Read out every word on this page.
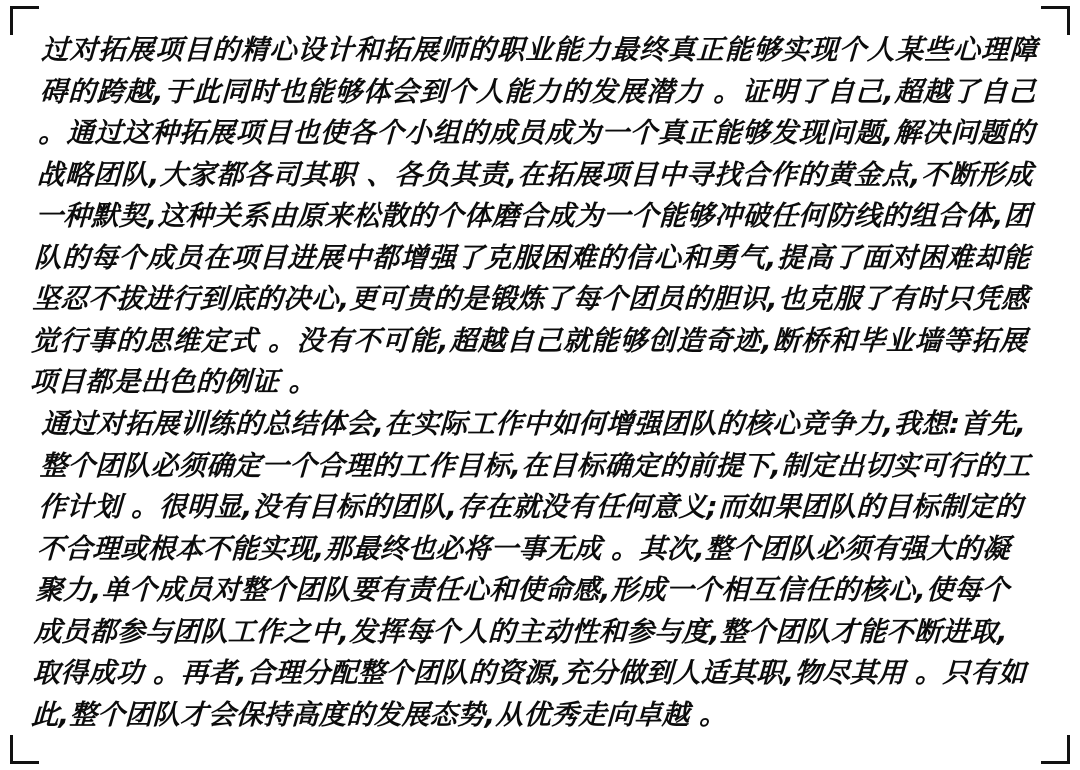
过对拓展项目的精心设计和拓展师的职业能力最终真正能够实现个人某些心理障碍的跨越,于此同时也能够体会到个人能力的发展潜力 。证明了自己,超越了自己 。通过这种拓展项目也使各个小组的成员成为一个真正能够发现问题,解决问题的战略团队,大家都各司其职 、各负其责,在拓展项目中寻找合作的黄金点,不断形成一种默契,这种关系由原来松散的个体磨合成为一个能够冲破任何防线的组合体,团队的每个成员在项目进展中都增强了克服困难的信心和勇气,提高了面对困难却能坚忍不拔进行到底的决心,更可贵的是锻炼了每个团员的胆识,也克服了有时只凭感觉行事的思维定式 。没有不可能,超越自己就能够创造奇迹,断桥和毕业墙等拓展项目都是出色的例证 。

通过对拓展训练的总结体会,在实际工作中如何增强团队的核心竞争力,我想:首先,整个团队必须确定一个合理的工作目标,在目标确定的前提下,制定出切实可行的工作计划 。很明显,没有目标的团队,存在就没有任何意义;而如果团队的目标制定的不合理或根本不能实现,那最终也必将一事无成 。其次,整个团队必须有强大的凝聚力,单个成员对整个团队要有责任心和使命感,形成一个相互信任的核心,使每个成员都参与团队工作之中,发挥每个人的主动性和参与度,整个团队才能不断进取,取得成功 。再者,合理分配整个团队的资源,充分做到人适其职,物尽其用 。只有如此,整个团队才会保持高度的发展态势,从优秀走向卓越 。
